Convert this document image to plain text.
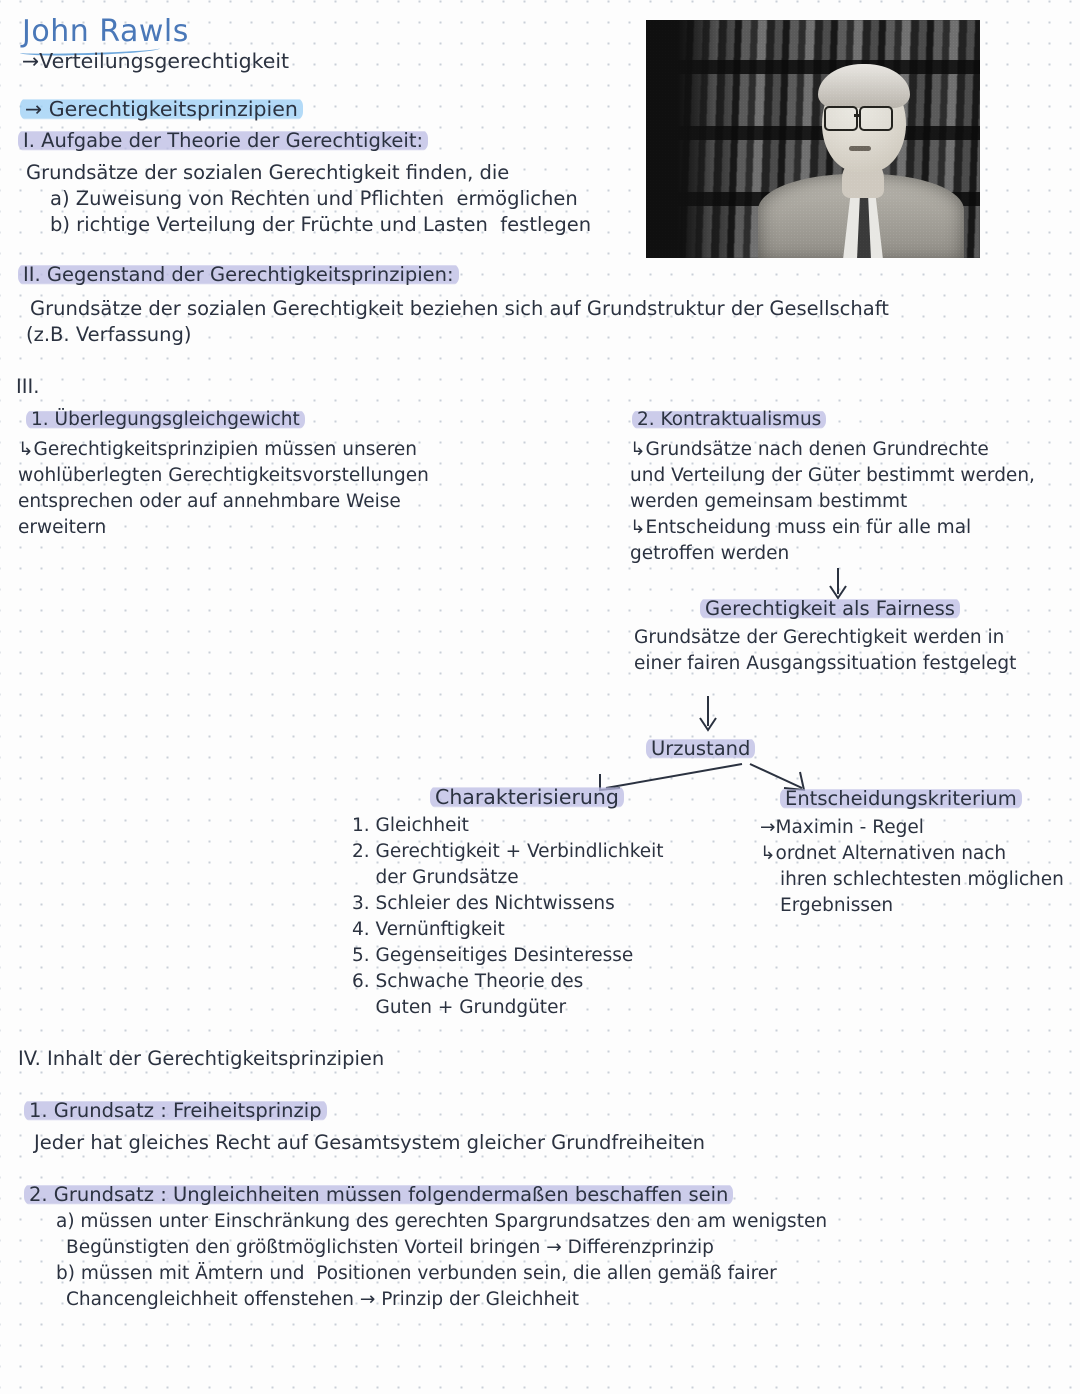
John Rawls
→Verteilungsgerechtigkeit
→ Gerechtigkeitsprinzipien
I. Aufgabe der Theorie der Gerechtigkeit:
Grundsätze der sozialen Gerechtigkeit finden, die
a) Zuweisung von Rechten und Pflichten  ermöglichen
b) richtige Verteilung der Früchte und Lasten  festlegen
II. Gegenstand der Gerechtigkeitsprinzipien:
Grundsätze der sozialen Gerechtigkeit beziehen sich auf Grundstruktur der Gesellschaft
(z.B. Verfassung)
III.
1. Überlegungsgleichgewicht
↳Gerechtigkeitsprinzipien müssen unseren
wohlüberlegten Gerechtigkeitsvorstellungen
entsprechen oder auf annehmbare Weise
erweitern
2. Kontraktualismus
↳Grundsätze nach denen Grundrechte
und Verteilung der Güter bestimmt werden,
werden gemeinsam bestimmt
↳Entscheidung muss ein für alle mal
getroffen werden
Gerechtigkeit als Fairness
Grundsätze der Gerechtigkeit werden in
einer fairen Ausgangssituation festgelegt
Urzustand
Charakterisierung
1. Gleichheit
2. Gerechtigkeit + Verbindlichkeit
der Grundsätze
3. Schleier des Nichtwissens
4. Vernünftigkeit
5. Gegenseitiges Desinteresse
6. Schwache Theorie des
Guten + Grundgüter
Entscheidungskriterium
→Maximin - Regel
↳ordnet Alternativen nach
ihren schlechtesten möglichen
Ergebnissen
IV. Inhalt der Gerechtigkeitsprinzipien
1. Grundsatz : Freiheitsprinzip
Jeder hat gleiches Recht auf Gesamtsystem gleicher Grundfreiheiten
2. Grundsatz : Ungleichheiten müssen folgendermaßen beschaffen sein
a) müssen unter Einschränkung des gerechten Spargrundsatzes den am wenigsten
Begünstigten den größtmöglichsten Vorteil bringen → Differenzprinzip
b) müssen mit Ämtern und  Positionen verbunden sein, die allen gemäß fairer
Chancengleichheit offenstehen → Prinzip der Gleichheit
